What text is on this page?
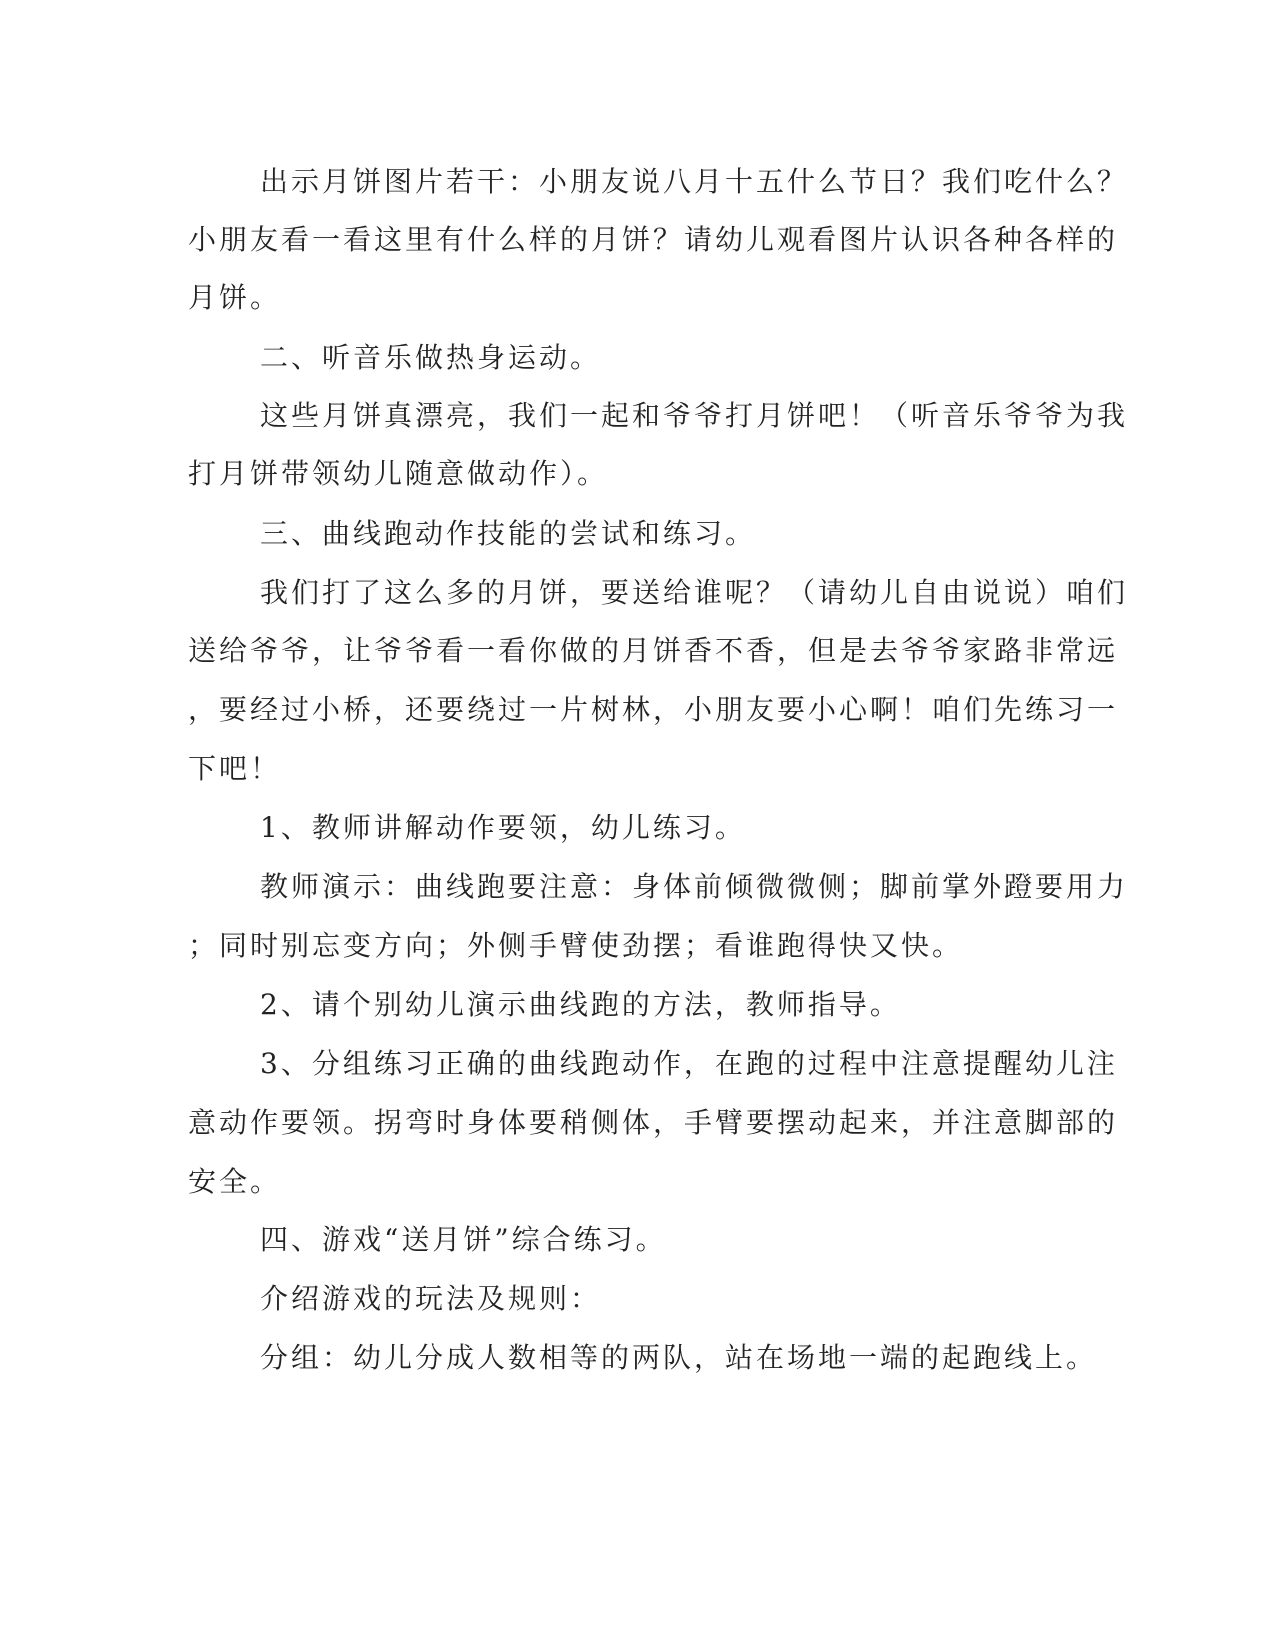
出示月饼图片若干：小朋友说八月十五什么节日？我们吃什么？

小朋友看一看这里有什么样的月饼？请幼儿观看图片认识各种各样的

月饼。

二、听音乐做热身运动。

这些月饼真漂亮，我们一起和爷爷打月饼吧！（听音乐爷爷为我

打月饼带领幼儿随意做动作）。

三、曲线跑动作技能的尝试和练习。

我们打了这么多的月饼，要送给谁呢？（请幼儿自由说说）咱们

送给爷爷，让爷爷看一看你做的月饼香不香，但是去爷爷家路非常远

，要经过小桥，还要绕过一片树林，小朋友要小心啊！咱们先练习一

下吧！

1、教师讲解动作要领，幼儿练习。

教师演示：曲线跑要注意：身体前倾微微侧；脚前掌外蹬要用力

；同时别忘变方向；外侧手臂使劲摆；看谁跑得快又快。

2、请个别幼儿演示曲线跑的方法，教师指导。

3、分组练习正确的曲线跑动作，在跑的过程中注意提醒幼儿注

意动作要领。拐弯时身体要稍侧体，手臂要摆动起来，并注意脚部的

安全。

四、游戏“送月饼”综合练习。

介绍游戏的玩法及规则：

分组：幼儿分成人数相等的两队，站在场地一端的起跑线上。
